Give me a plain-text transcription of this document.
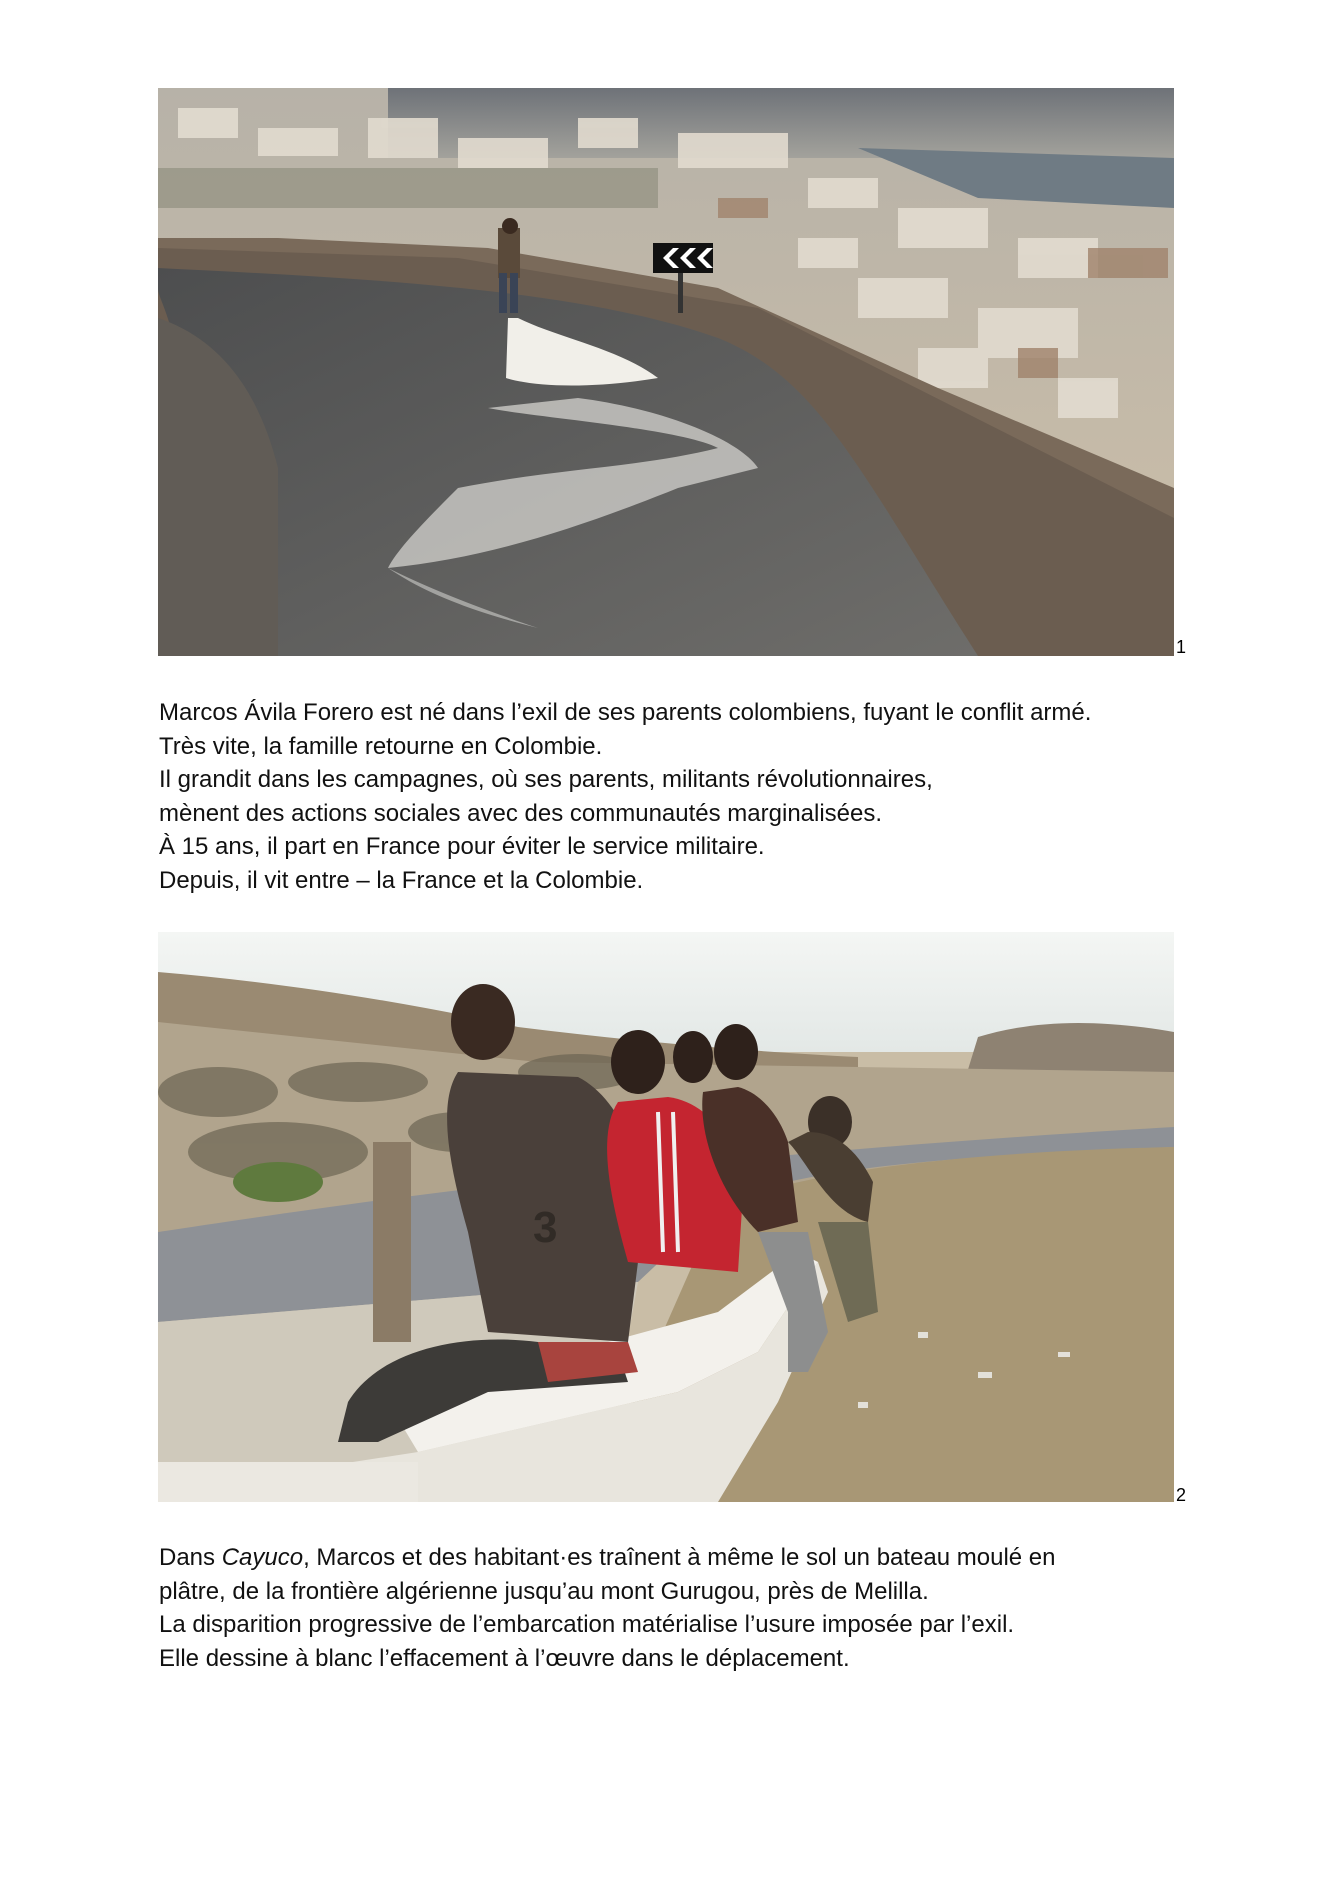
1
Marcos Ávila Forero est né dans l’exil de ses parents colombiens, fuyant le conflit armé.
Très vite, la famille retourne en Colombie.
Il grandit dans les campagnes, où ses parents, militants révolutionnaires,
mènent des actions sociales avec des communautés marginalisées.
À 15 ans, il part en France pour éviter le service militaire.
Depuis, il vit entre – la France et la Colombie.
3
2
Dans Cayuco, Marcos et des habitant·es traînent à même le sol un bateau moulé en
plâtre, de la frontière algérienne jusqu’au mont Gurugou, près de Melilla.
La disparition progressive de l’embarcation matérialise l’usure imposée par l’exil.
Elle dessine à blanc l’effacement à l’œuvre dans le déplacement.
